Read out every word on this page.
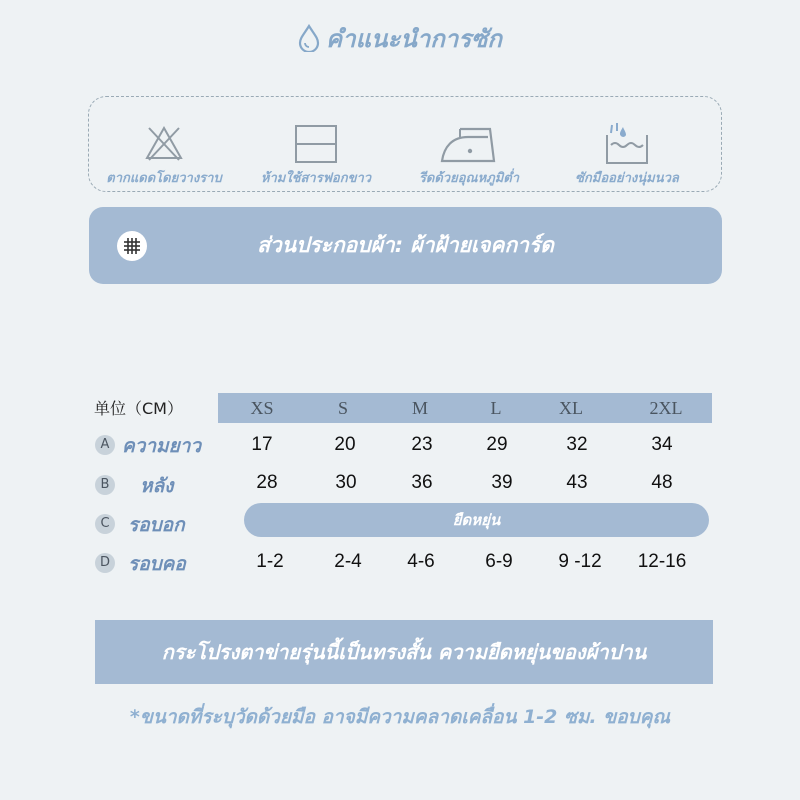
คำแนะนำการซัก
ตากแดดโดยวางราบ	ห้ามใช้สารฟอกขาว	รีดด้วยอุณหภูมิต่ำ	ซักมืออย่างนุ่มนวล
ส่วนประกอบผ้า: ผ้าฝ้ายเจคการ์ด
单位（CM）	XS	S	M	L	XL	2XL
A ความยาว	17	20	23	29	32	34
B หลัง	28	30	36	39	43	48
C รอบอก	ยืดหยุ่น
D รอบคอ	1-2	2-4	4-6	6-9	9 -12	12-16
กระโปรงตาข่ายรุ่นนี้เป็นทรงสั้น ความยืดหยุ่นของผ้าปาน
*ขนาดที่ระบุวัดด้วยมือ อาจมีความคลาดเคลื่อน 1-2 ซม. ขอบคุณ
